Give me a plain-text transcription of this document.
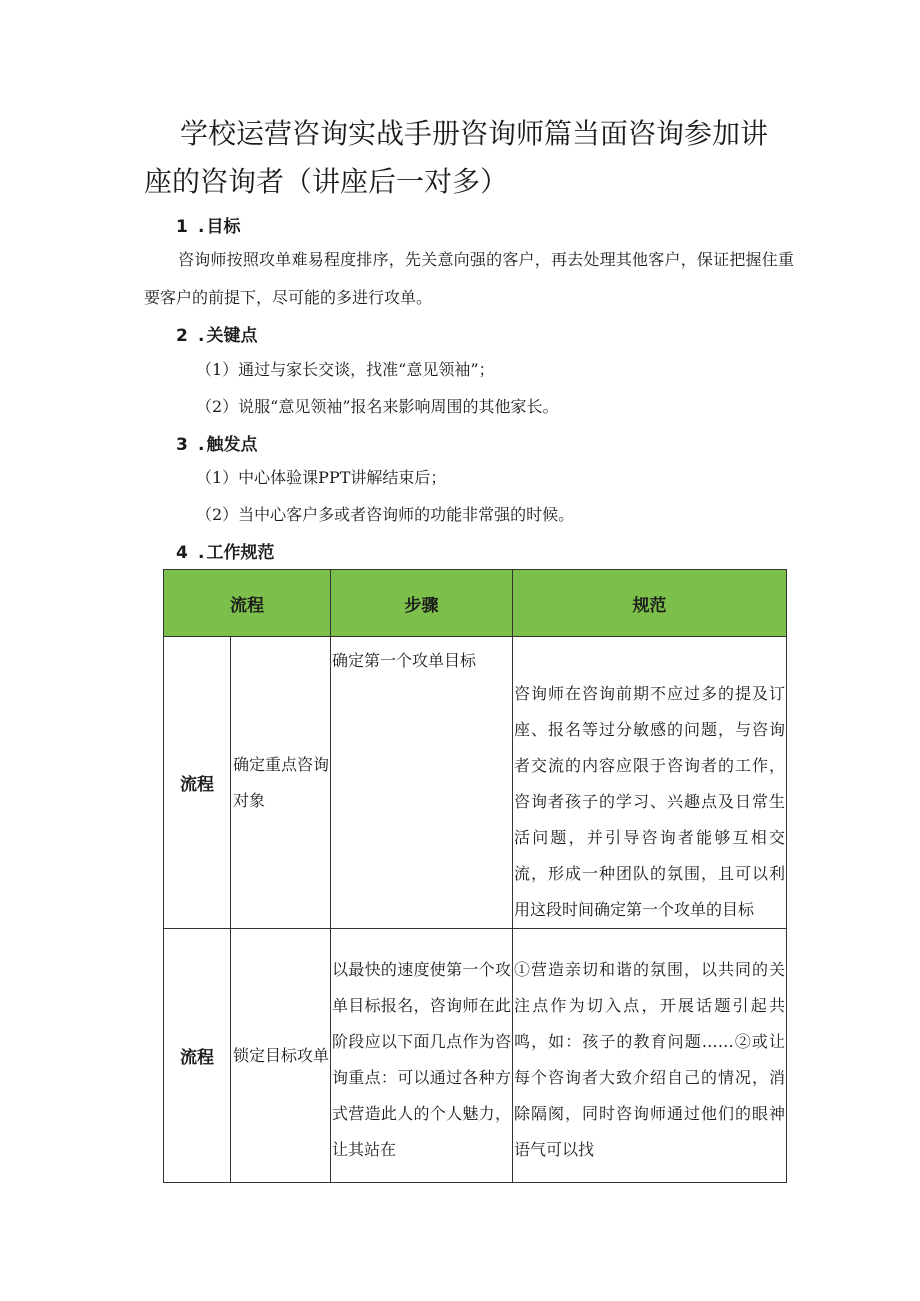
学校运营咨询实战手册咨询师篇当面咨询参加讲座的咨询者（讲座后一对多）
1 . 目标
咨询师按照攻单难易程度排序，先关意向强的客户，再去处理其他客户，保证把握住重要客户的前提下，尽可能的多进行攻单。
2 . 关键点
（1）通过与家长交谈，找准“意见领袖”；
（2）说服“意见领袖”报名来影响周围的其他家长。
3 . 触发点
（1）中心体验课PPT讲解结束后；
（2）当中心客户多或者咨询师的功能非常强的时候。
4 . 工作规范
流程		步骤	规范
流程	确定重点咨询对象	确定第一个攻单目标	咨询师在咨询前期不应过多的提及订座、报名等过分敏感的问题，与咨询者交流的内容应限于咨询者的工作，咨询者孩子的学习、兴趣点及日常生活问题，并引导咨询者能够互相交流，形成一种团队的氛围，且可以利用这段时间确定第一个攻单的目标

流程	锁定目标攻单	以最快的速度使第一个攻单目标报名，咨询师在此阶段应以下面几点作为咨询重点：可以通过各种方式营造此人的个人魅力，让其站在	①营造亲切和谐的氛围，以共同的关注点作为切入点，开展话题引起共鸣，如：孩子的教育问题……②或让每个咨询者大致介绍自己的情况，消除隔阂，同时咨询师通过他们的眼神语气可以找
